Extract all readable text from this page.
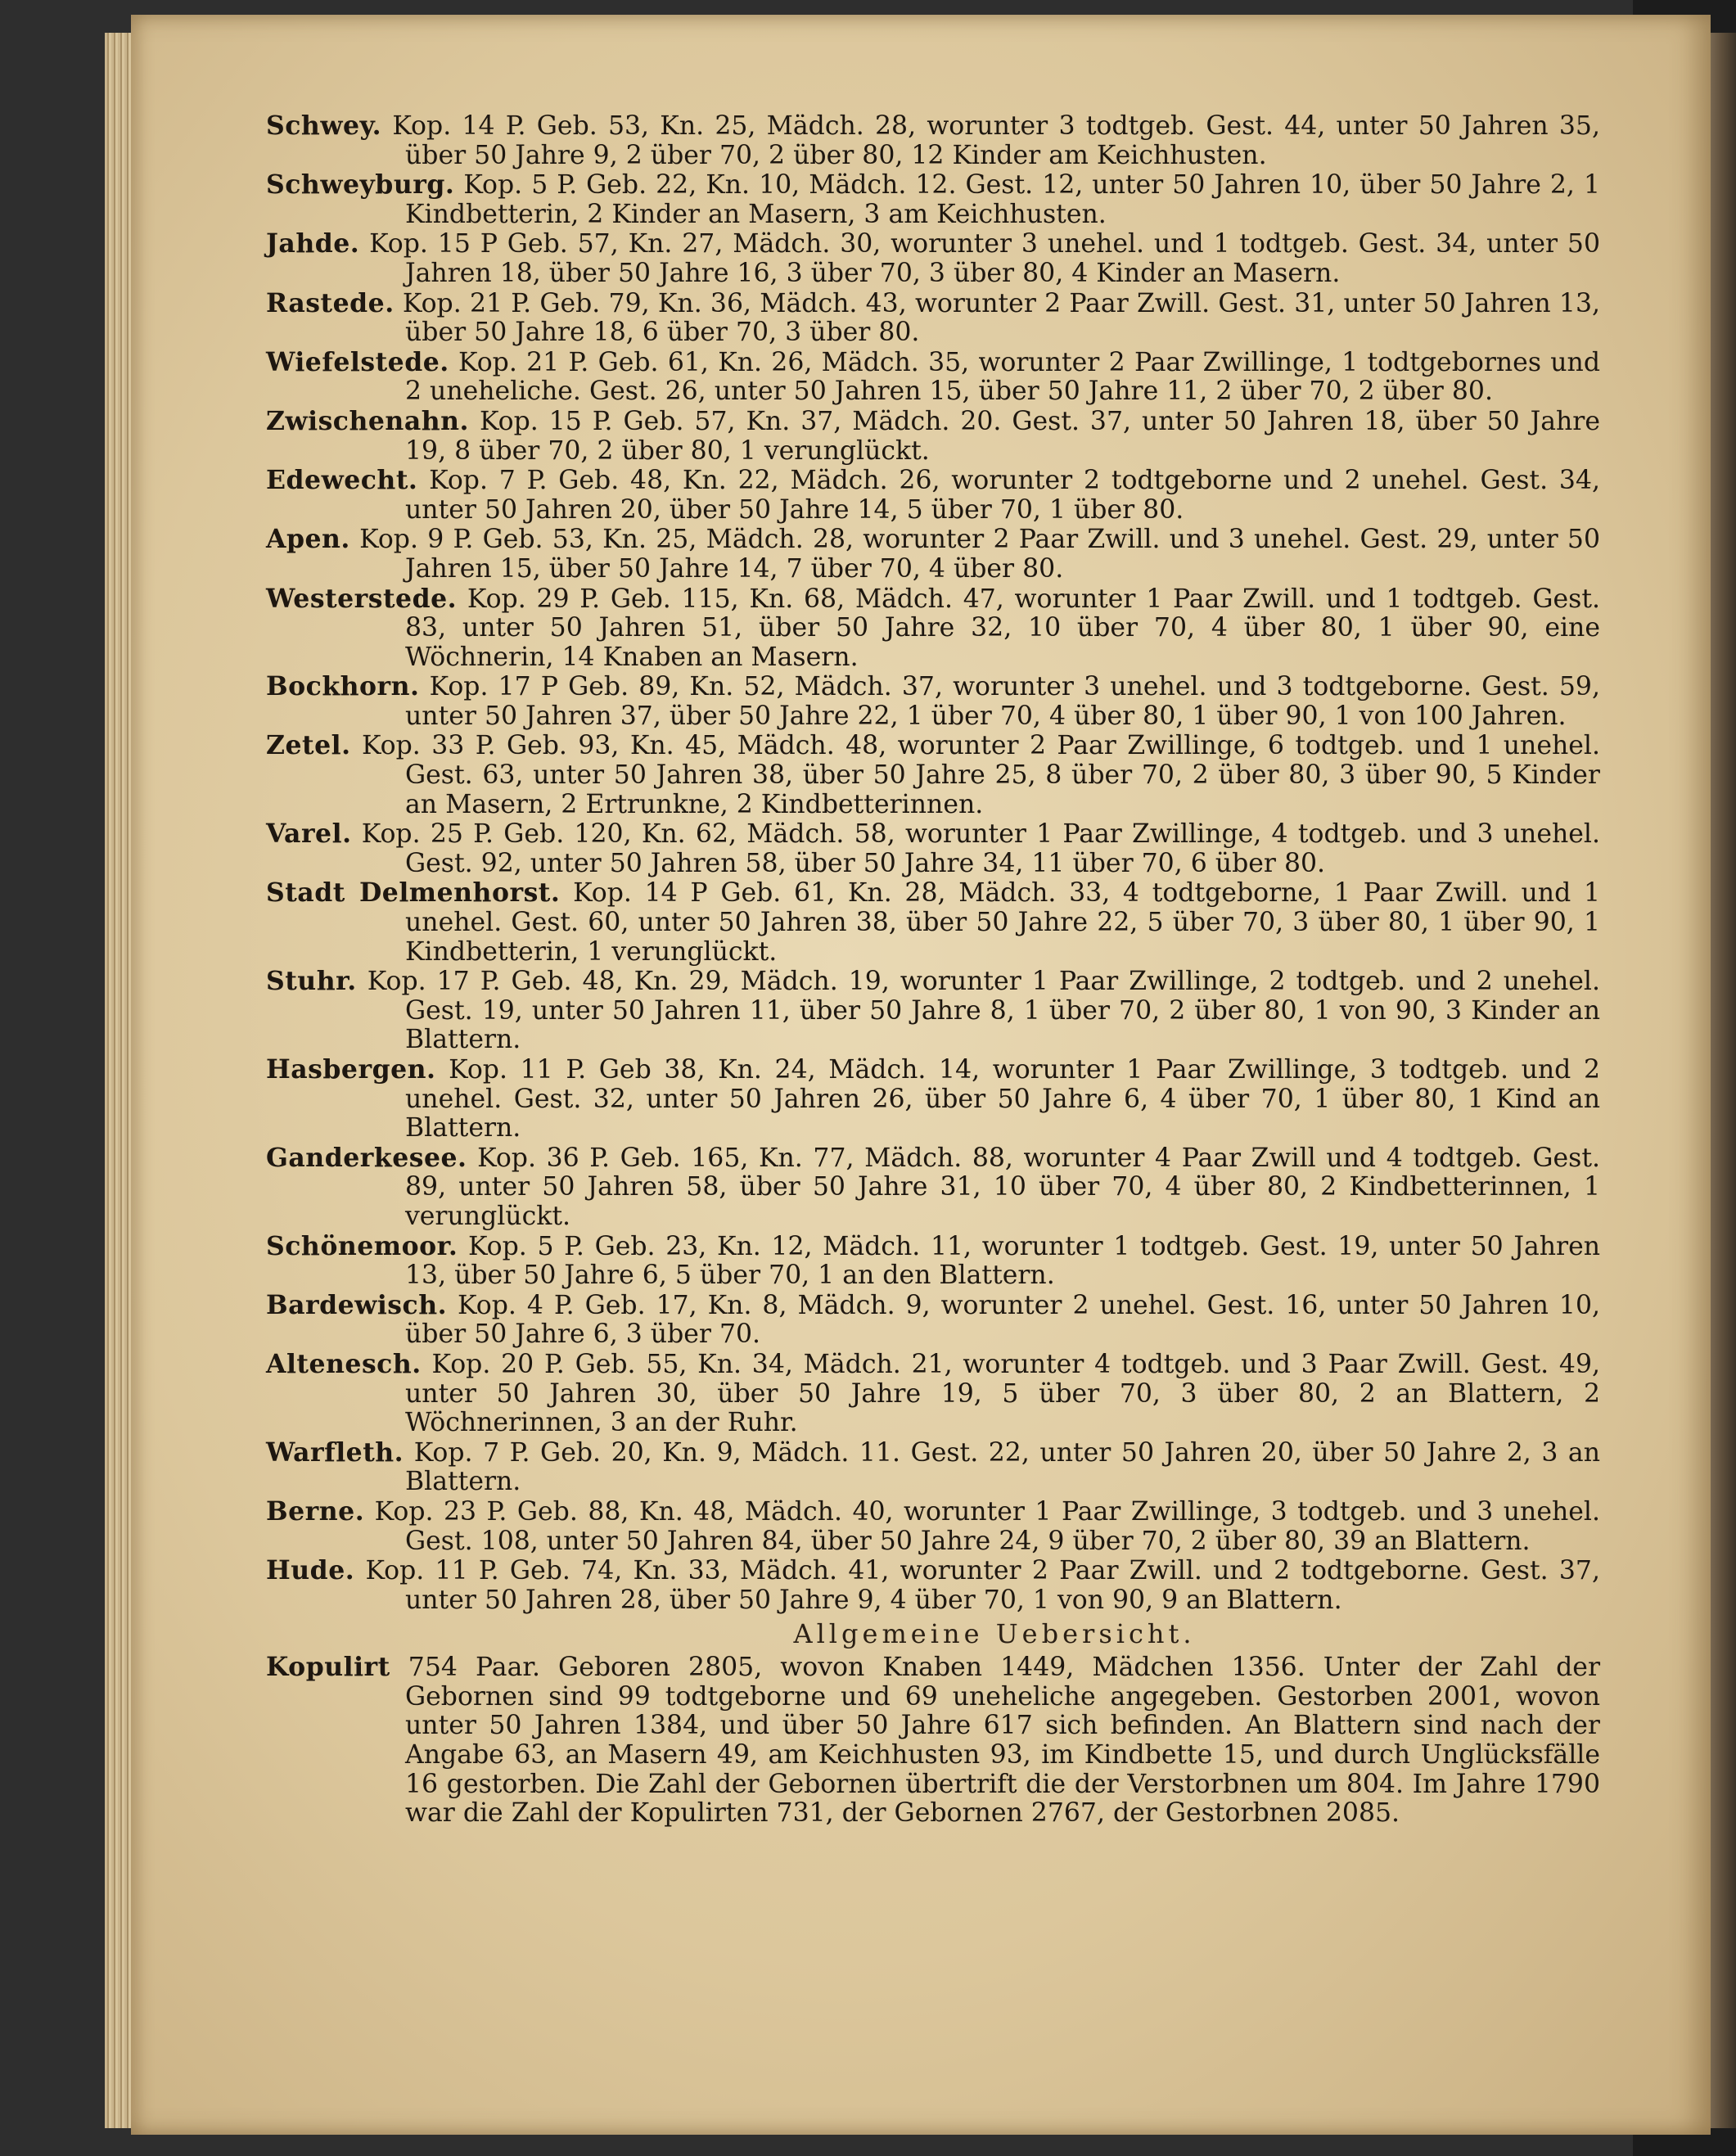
Schwey. Kop. 14 P. Geb. 53, Kn. 25, Mädch. 28, worunter 3 todtgeb. Gest. 44, unter 50 Jahren 35, über 50 Jahre 9, 2 über 70, 2 über 80, 12 Kinder am Keichhusten.

Schweyburg. Kop. 5 P. Geb. 22, Kn. 10, Mädch. 12. Gest. 12, unter 50 Jahren 10, über 50 Jahre 2, 1 Kindbetterin, 2 Kinder an Masern, 3 am Keichhusten.

Jahde. Kop. 15 P Geb. 57, Kn. 27, Mädch. 30, worunter 3 unehel. und 1 todtgeb. Gest. 34, unter 50 Jahren 18, über 50 Jahre 16, 3 über 70, 3 über 80, 4 Kinder an Masern.

Rastede. Kop. 21 P. Geb. 79, Kn. 36, Mädch. 43, worunter 2 Paar Zwill. Gest. 31, unter 50 Jahren 13, über 50 Jahre 18, 6 über 70, 3 über 80.

Wiefelstede. Kop. 21 P. Geb. 61, Kn. 26, Mädch. 35, worunter 2 Paar Zwillinge, 1 todtgebornes und 2 uneheliche. Gest. 26, unter 50 Jahren 15, über 50 Jahre 11, 2 über 70, 2 über 80.

Zwischenahn. Kop. 15 P. Geb. 57, Kn. 37, Mädch. 20. Gest. 37, unter 50 Jahren 18, über 50 Jahre 19, 8 über 70, 2 über 80, 1 verunglückt.

Edewecht. Kop. 7 P. Geb. 48, Kn. 22, Mädch. 26, worunter 2 todtgeborne und 2 unehel. Gest. 34, unter 50 Jahren 20, über 50 Jahre 14, 5 über 70, 1 über 80.

Apen. Kop. 9 P. Geb. 53, Kn. 25, Mädch. 28, worunter 2 Paar Zwill. und 3 unehel. Gest. 29, unter 50 Jahren 15, über 50 Jahre 14, 7 über 70, 4 über 80.

Westerstede. Kop. 29 P. Geb. 115, Kn. 68, Mädch. 47, worunter 1 Paar Zwill. und 1 todtgeb. Gest. 83, unter 50 Jahren 51, über 50 Jahre 32, 10 über 70, 4 über 80, 1 über 90, eine Wöchnerin, 14 Knaben an Masern.

Bockhorn. Kop. 17 P Geb. 89, Kn. 52, Mädch. 37, worunter 3 unehel. und 3 todtgeborne. Gest. 59, unter 50 Jahren 37, über 50 Jahre 22, 1 über 70, 4 über 80, 1 über 90, 1 von 100 Jahren.

Zetel. Kop. 33 P. Geb. 93, Kn. 45, Mädch. 48, worunter 2 Paar Zwillinge, 6 todtgeb. und 1 unehel. Gest. 63, unter 50 Jahren 38, über 50 Jahre 25, 8 über 70, 2 über 80, 3 über 90, 5 Kinder an Masern, 2 Ertrunkne, 2 Kindbetterinnen.

Varel. Kop. 25 P. Geb. 120, Kn. 62, Mädch. 58, worunter 1 Paar Zwillinge, 4 todtgeb. und 3 unehel. Gest. 92, unter 50 Jahren 58, über 50 Jahre 34, 11 über 70, 6 über 80.

Stadt Delmenhorst. Kop. 14 P Geb. 61, Kn. 28, Mädch. 33, 4 todtgeborne, 1 Paar Zwill. und 1 unehel. Gest. 60, unter 50 Jahren 38, über 50 Jahre 22, 5 über 70, 3 über 80, 1 über 90, 1 Kindbetterin, 1 verunglückt.

Stuhr. Kop. 17 P. Geb. 48, Kn. 29, Mädch. 19, worunter 1 Paar Zwillinge, 2 todtgeb. und 2 unehel. Gest. 19, unter 50 Jahren 11, über 50 Jahre 8, 1 über 70, 2 über 80, 1 von 90, 3 Kinder an Blattern.

Hasbergen. Kop. 11 P. Geb 38, Kn. 24, Mädch. 14, worunter 1 Paar Zwillinge, 3 todtgeb. und 2 unehel. Gest. 32, unter 50 Jahren 26, über 50 Jahre 6, 4 über 70, 1 über 80, 1 Kind an Blattern.

Ganderkesee. Kop. 36 P. Geb. 165, Kn. 77, Mädch. 88, worunter 4 Paar Zwill und 4 todtgeb. Gest. 89, unter 50 Jahren 58, über 50 Jahre 31, 10 über 70, 4 über 80, 2 Kindbetterinnen, 1 verunglückt.

Schönemoor. Kop. 5 P. Geb. 23, Kn. 12, Mädch. 11, worunter 1 todtgeb. Gest. 19, unter 50 Jahren 13, über 50 Jahre 6, 5 über 70, 1 an den Blattern.

Bardewisch. Kop. 4 P. Geb. 17, Kn. 8, Mädch. 9, worunter 2 unehel. Gest. 16, unter 50 Jahren 10, über 50 Jahre 6, 3 über 70.

Altenesch. Kop. 20 P. Geb. 55, Kn. 34, Mädch. 21, worunter 4 todtgeb. und 3 Paar Zwill. Gest. 49, unter 50 Jahren 30, über 50 Jahre 19, 5 über 70, 3 über 80, 2 an Blattern, 2 Wöchnerinnen, 3 an der Ruhr.

Warfleth. Kop. 7 P. Geb. 20, Kn. 9, Mädch. 11. Gest. 22, unter 50 Jahren 20, über 50 Jahre 2, 3 an Blattern.

Berne. Kop. 23 P. Geb. 88, Kn. 48, Mädch. 40, worunter 1 Paar Zwillinge, 3 todtgeb. und 3 unehel. Gest. 108, unter 50 Jahren 84, über 50 Jahre 24, 9 über 70, 2 über 80, 39 an Blattern.

Hude. Kop. 11 P. Geb. 74, Kn. 33, Mädch. 41, worunter 2 Paar Zwill. und 2 todtgeborne. Gest. 37, unter 50 Jahren 28, über 50 Jahre 9, 4 über 70, 1 von 90, 9 an Blattern.

Allgemeine Uebersicht.

Kopulirt 754 Paar. Geboren 2805, wovon Knaben 1449, Mädchen 1356. Unter der Zahl der Gebornen sind 99 todtgeborne und 69 uneheliche angegeben. Gestorben 2001, wovon unter 50 Jahren 1384, und über 50 Jahre 617 sich befinden. An Blattern sind nach der Angabe 63, an Masern 49, am Keichhusten 93, im Kindbette 15, und durch Unglücksfälle 16 gestorben. Die Zahl der Gebornen übertrift die der Verstorbnen um 804. Im Jahre 1790 war die Zahl der Kopulirten 731, der Gebornen 2767, der Gestorbnen 2085.
